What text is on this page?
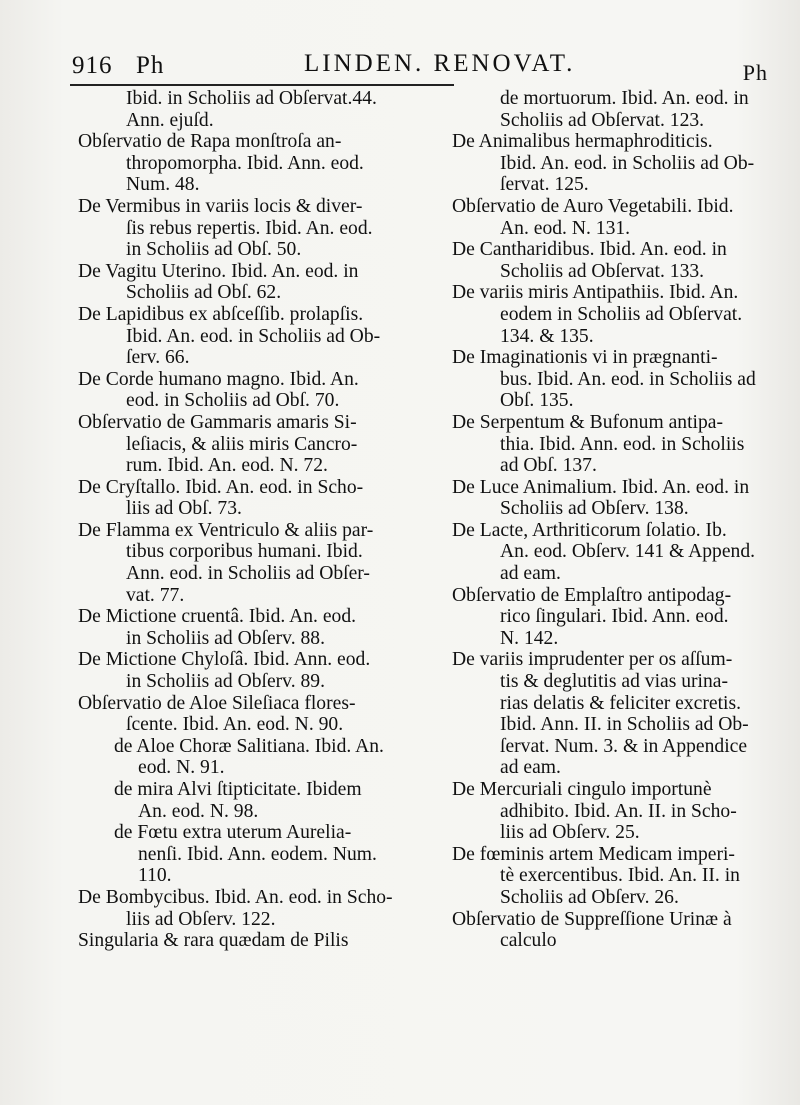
916 Ph	LINDEN. RENOVAT.	Ph
Ibid. in Scholiis ad Obſervat.44.
Ann. ejuſd.
Obſervatio de Rapa monſtroſa an-
thropomorpha. Ibid. Ann. eod.
Num. 48.
De Vermibus in variis locis & diver-
ſis rebus repertis. Ibid. An. eod.
in Scholiis ad Obſ. 50.
De Vagitu Uterino. Ibid. An. eod. in
Scholiis ad Obſ. 62.
De Lapidibus ex abſceſſib. prolapſis.
Ibid. An. eod. in Scholiis ad Ob-
ſerv. 66.
De Corde humano magno. Ibid. An.
eod. in Scholiis ad Obſ. 70.
Obſervatio de Gammaris amaris Si-
leſiacis, & aliis miris Cancro-
rum. Ibid. An. eod. N. 72.
De Cryſtallo. Ibid. An. eod. in Scho-
liis ad Obſ. 73.
De Flamma ex Ventriculo & aliis par-
tibus corporibus humani. Ibid.
Ann. eod. in Scholiis ad Obſer-
vat. 77.
De Mictione cruentâ. Ibid. An. eod.
in Scholiis ad Obſerv. 88.
De Mictione Chyloſâ. Ibid. Ann. eod.
in Scholiis ad Obſerv. 89.
Obſervatio de Aloe Sileſiaca flores-
ſcente. Ibid. An. eod. N. 90.
de Aloe Choræ Salitiana. Ibid. An.
eod. N. 91.
de mira Alvi ſtipticitate. Ibidem
An. eod. N. 98.
de Fœtu extra uterum Aurelia-
nenſi. Ibid. Ann. eodem. Num.
110.
De Bombycibus. Ibid. An. eod. in Scho-
liis ad Obſerv. 122.
Singularia & rara quædam de Pilis
de mortuorum. Ibid. An. eod. in
Scholiis ad Obſervat. 123.
De Animalibus hermaphroditicis.
Ibid. An. eod. in Scholiis ad Ob-
ſervat. 125.
Obſervatio de Auro Vegetabili. Ibid.
An. eod. N. 131.
De Cantharidibus. Ibid. An. eod. in
Scholiis ad Obſervat. 133.
De variis miris Antipathiis. Ibid. An.
eodem in Scholiis ad Obſervat.
134. & 135.
De Imaginationis vi in prægnanti-
bus. Ibid. An. eod. in Scholiis ad
Obſ. 135.
De Serpentum & Bufonum antipa-
thia. Ibid. Ann. eod. in Scholiis
ad Obſ. 137.
De Luce Animalium. Ibid. An. eod. in
Scholiis ad Obſerv. 138.
De Lacte, Arthriticorum ſolatio. Ib.
An. eod. Obſerv. 141 & Append.
ad eam.
Obſervatio de Emplaſtro antipodag-
rico ſingulari. Ibid. Ann. eod.
N. 142.
De variis imprudenter per os aſſum-
tis & deglutitis ad vias urina-
rias delatis & feliciter excretis.
Ibid. Ann. II. in Scholiis ad Ob-
ſervat. Num. 3. & in Appendice
ad eam.
De Mercuriali cingulo importunè
adhibito. Ibid. An. II. in Scho-
liis ad Obſerv. 25.
De fœminis artem Medicam imperi-
tè exercentibus. Ibid. An. II. in
Scholiis ad Obſerv. 26.
Obſervatio de Suppreſſione Urinæ à
calculo
